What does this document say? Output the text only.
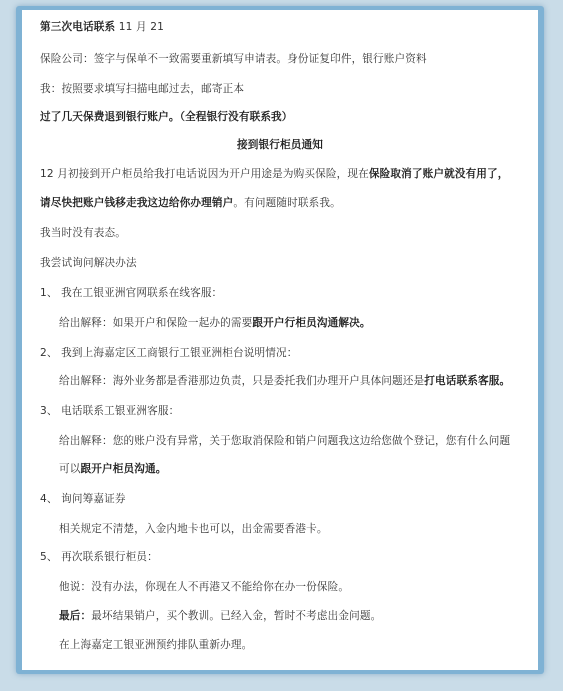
第三次电话联系 11 月 21
保险公司：签字与保单不一致需要重新填写申请表。身份证复印件，银行账户资料
我：按照要求填写扫描电邮过去，邮寄正本
过了几天保费退到银行账户。（全程银行没有联系我）
接到银行柜员通知
12 月初接到开户柜员给我打电话说因为开户用途是为购买保险，现在保险取消了账户就没有用了，
请尽快把账户钱移走我这边给你办理销户。有问题随时联系我。
我当时没有表态。
我尝试询问解决办法
1、 我在工银亚洲官网联系在线客服：
给出解释：如果开户和保险一起办的需要跟开户行柜员沟通解决。
2、 我到上海嘉定区工商银行工银亚洲柜台说明情况：
给出解释：海外业务都是香港那边负责，只是委托我们办理开户具体问题还是打电话联系客服。
3、 电话联系工银亚洲客服：
给出解释：您的账户没有异常，关于您取消保险和销户问题我这边给您做个登记，您有什么问题
可以跟开户柜员沟通。
4、 询问筹嘉证券
相关规定不清楚，入金内地卡也可以，出金需要香港卡。
5、 再次联系银行柜员：
他说：没有办法，你现在人不再港又不能给你在办一份保险。
最后：最坏结果销户，买个教训。已经入金，暂时不考虑出金问题。
在上海嘉定工银亚洲预约排队重新办理。
